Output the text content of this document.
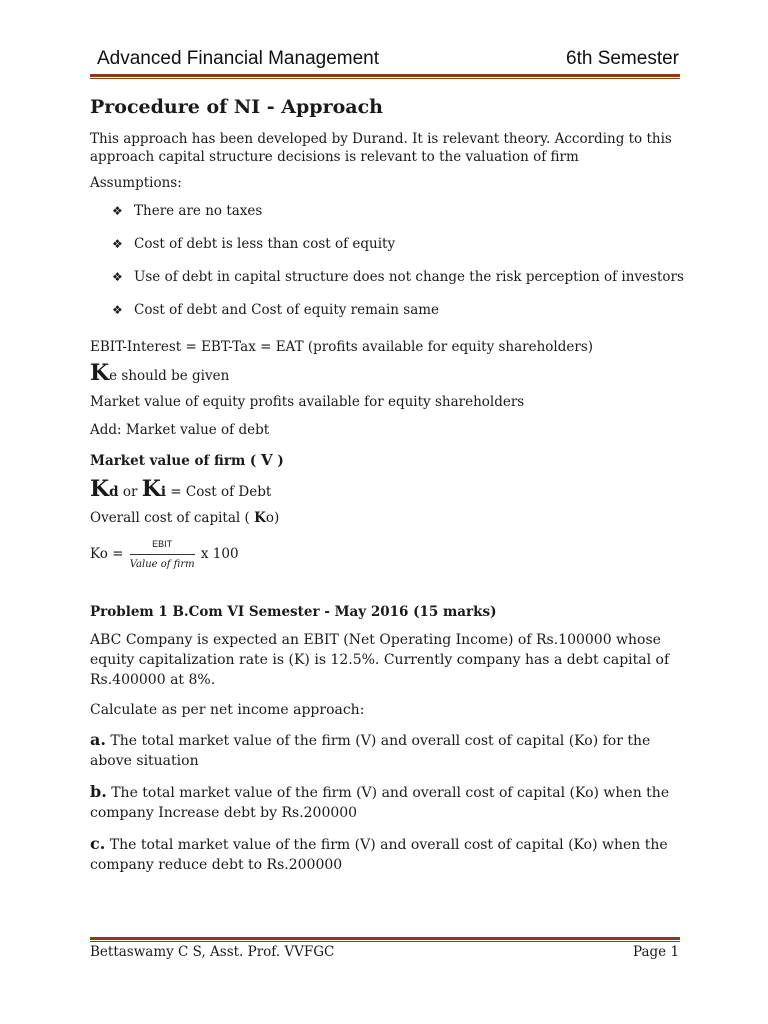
Advanced Financial Management	6th Semester
Procedure of NI - Approach

This approach has been developed by Durand. It is relevant theory. According to this approach capital structure decisions is relevant to the valuation of firm

Assumptions:

❖ There are no taxes
❖ Cost of debt is less than cost of equity
❖ Use of debt in capital structure does not change the risk perception of investors
❖ Cost of debt and Cost of equity remain same

EBIT-Interest = EBT-Tax = EAT (profits available for equity shareholders)

Ke should be given

Market value of equity profits available for equity shareholders

Add: Market value of debt

Market value of firm ( V )

Kd or Ki = Cost of Debt

Overall cost of capital ( Ko)

$Ko = \frac{\text{EBIT}}{\text{Value of firm}}$ x 100

Problem 1 B.Com VI Semester - May 2016 (15 marks)

ABC Company is expected an EBIT (Net Operating Income) of Rs.100000 whose equity capitalization rate is (K) is 12.5%. Currently company has a debt capital of Rs.400000 at 8%.

Calculate as per net income approach:

a. The total market value of the firm (V) and overall cost of capital (Ko) for the above situation

b. The total market value of the firm (V) and overall cost of capital (Ko) when the company Increase debt by Rs.200000

c. The total market value of the firm (V) and overall cost of capital (Ko) when the company reduce debt to Rs.200000

Bettaswamy C S, Asst. Prof. VVFGC	Page 1
